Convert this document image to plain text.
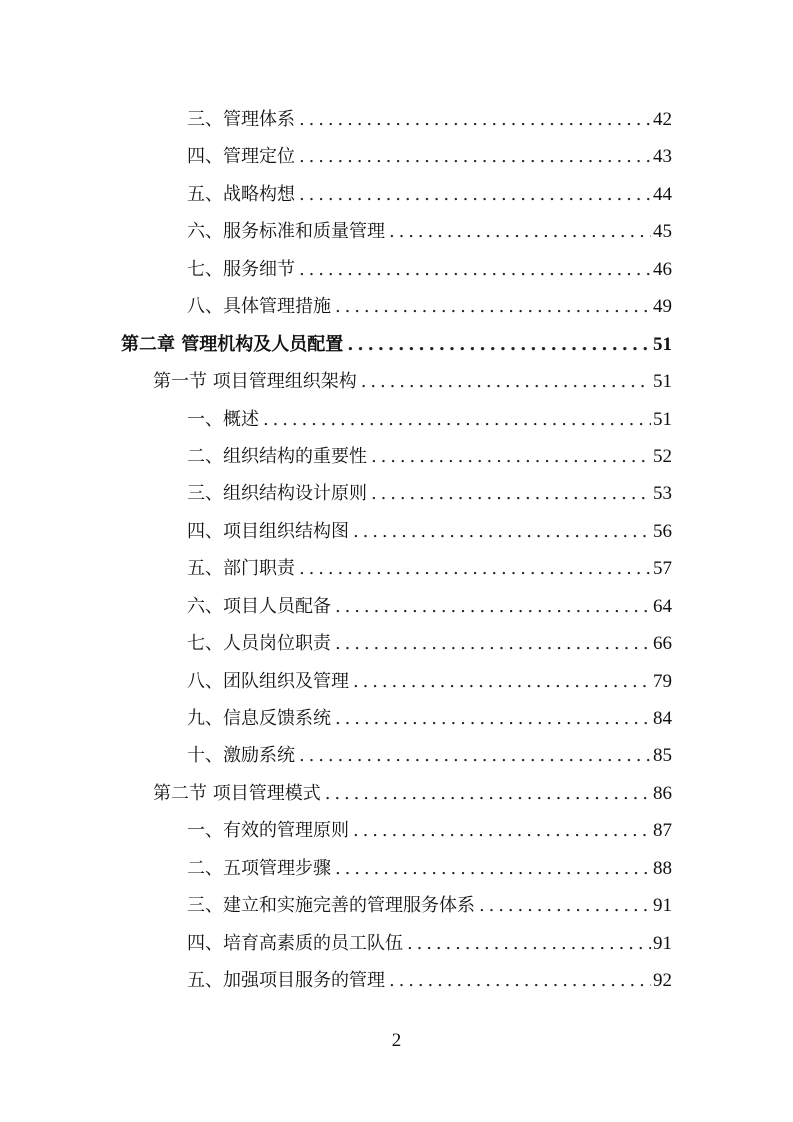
三、管理体系 .....	42
四、管理定位 .....	43
五、战略构想 .....	44
六、服务标准和质量管理 .....	45
七、服务细节 .....	46
八、具体管理措施 .....	49
第二章 管理机构及人员配置 .....	51
第一节 项目管理组织架构 .....	51
一、概述 .....	51
二、组织结构的重要性 .....	52
三、组织结构设计原则 .....	53
四、项目组织结构图 .....	56
五、部门职责 .....	57
六、项目人员配备 .....	64
七、人员岗位职责 .....	66
八、团队组织及管理 .....	79
九、信息反馈系统 .....	84
十、激励系统 .....	85
第二节 项目管理模式 .....	86
一、有效的管理原则 .....	87
二、五项管理步骤 .....	88
三、建立和实施完善的管理服务体系 .....	91
四、培育高素质的员工队伍 .....	91
五、加强项目服务的管理 .....	92
2
